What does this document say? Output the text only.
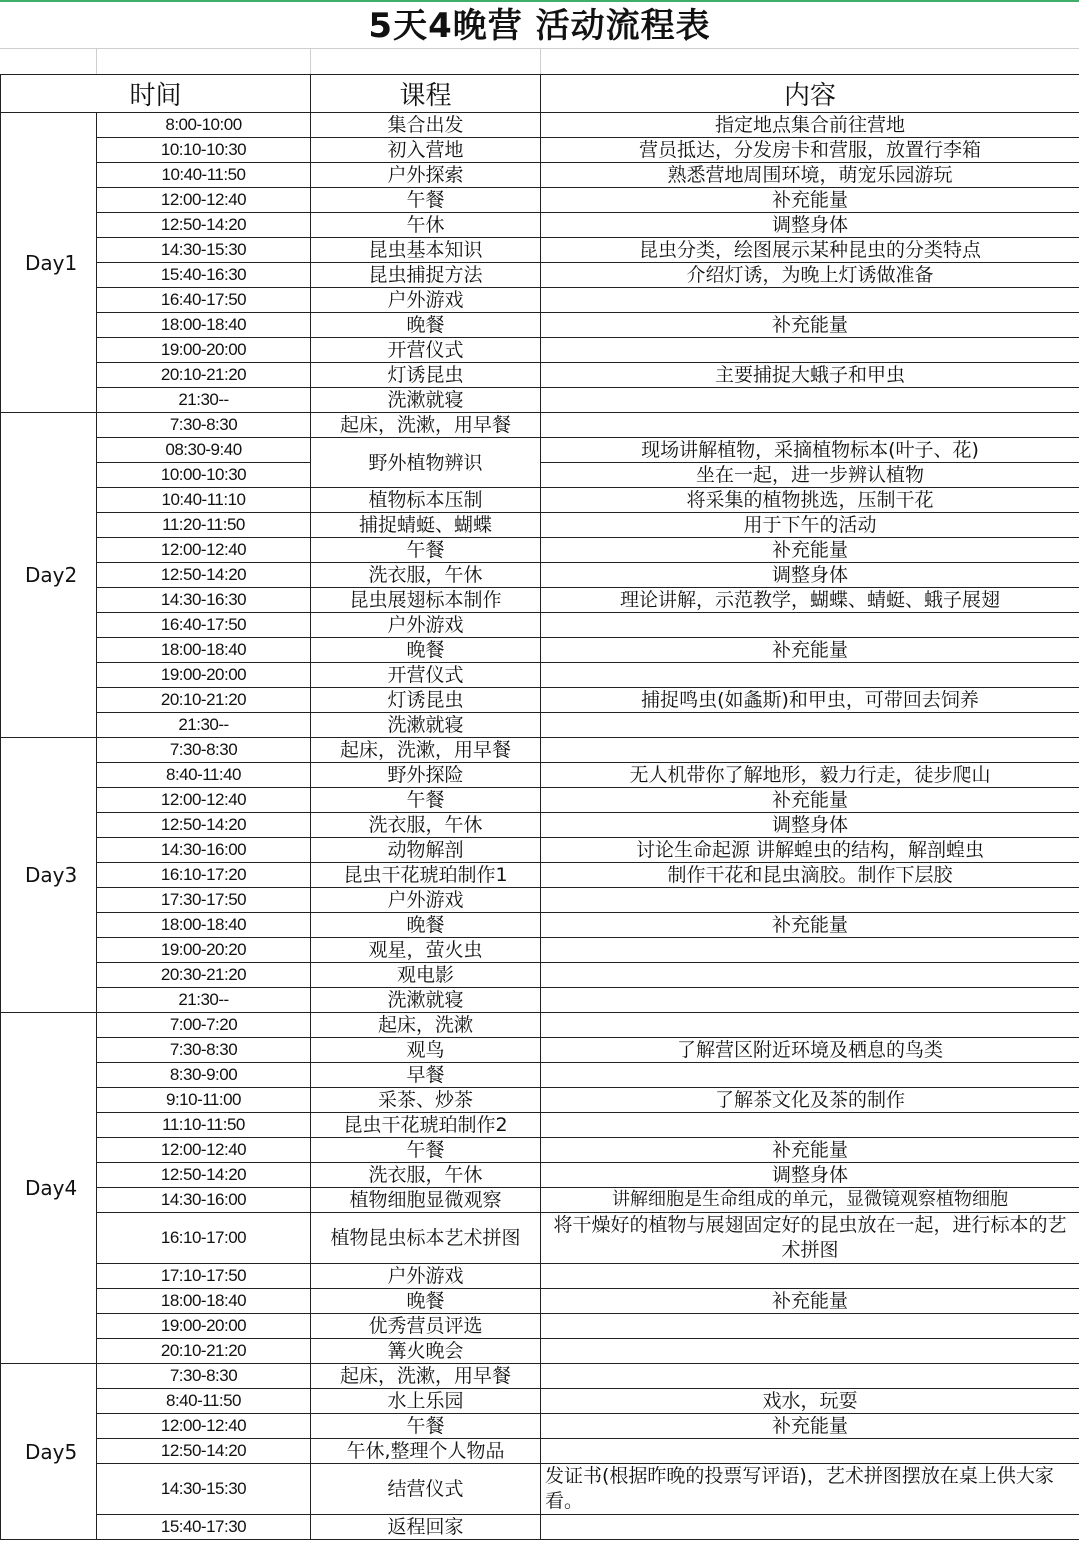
5天4晚营 活动流程表
时间		课程	内容
Day1	8:00-10:00	集合出发	指定地点集合前往营地
	10:10-10:30	初入营地	营员抵达，分发房卡和营服，放置行李箱
	10:40-11:50	户外探索	熟悉营地周围环境，萌宠乐园游玩
	12:00-12:40	午餐	补充能量
	12:50-14:20	午休	调整身体
	14:30-15:30	昆虫基本知识	昆虫分类，绘图展示某种昆虫的分类特点
	15:40-16:30	昆虫捕捉方法	介绍灯诱，为晚上灯诱做准备
	16:40-17:50	户外游戏	
	18:00-18:40	晚餐	补充能量
	19:00-20:00	开营仪式	
	20:10-21:20	灯诱昆虫	主要捕捉大蛾子和甲虫
	21:30--	洗漱就寝	
Day2	7:30-8:30	起床，洗漱，用早餐	
	08:30-9:40	野外植物辨识	现场讲解植物，采摘植物标本(叶子、花)
	10:00-10:30		坐在一起，进一步辨认植物
	10:40-11:10	植物标本压制	将采集的植物挑选，压制干花
	11:20-11:50	捕捉蜻蜓、蝴蝶	用于下午的活动
	12:00-12:40	午餐	补充能量
	12:50-14:20	洗衣服，午休	调整身体
	14:30-16:30	昆虫展翅标本制作	理论讲解，示范教学，蝴蝶、蜻蜓、蛾子展翅
	16:40-17:50	户外游戏	
	18:00-18:40	晚餐	补充能量
	19:00-20:00	开营仪式	
	20:10-21:20	灯诱昆虫	捕捉鸣虫(如螽斯)和甲虫，可带回去饲养
	21:30--	洗漱就寝	
Day3	7:30-8:30	起床，洗漱，用早餐	
	8:40-11:40	野外探险	无人机带你了解地形，毅力行走，徒步爬山
	12:00-12:40	午餐	补充能量
	12:50-14:20	洗衣服，午休	调整身体
	14:30-16:00	动物解剖	讨论生命起源 讲解蝗虫的结构，解剖蝗虫
	16:10-17:20	昆虫干花琥珀制作1	制作干花和昆虫滴胶。制作下层胶
	17:30-17:50	户外游戏	
	18:00-18:40	晚餐	补充能量
	19:00-20:20	观星，萤火虫	
	20:30-21:20	观电影	
	21:30--	洗漱就寝	
Day4	7:00-7:20	起床，洗漱	
	7:30-8:30	观鸟	了解营区附近环境及栖息的鸟类
	8:30-9:00	早餐	
	9:10-11:00	采茶、炒茶	了解茶文化及茶的制作
	11:10-11:50	昆虫干花琥珀制作2	
	12:00-12:40	午餐	补充能量
	12:50-14:20	洗衣服，午休	调整身体
	14:30-16:00	植物细胞显微观察	讲解细胞是生命组成的单元，显微镜观察植物细胞
	16:10-17:00	植物昆虫标本艺术拼图	将干燥好的植物与展翅固定好的昆虫放在一起，进行标本的艺术拼图
	17:10-17:50	户外游戏	
	18:00-18:40	晚餐	补充能量
	19:00-20:00	优秀营员评选	
	20:10-21:20	篝火晚会	
Day5	7:30-8:30	起床，洗漱，用早餐	
	8:40-11:50	水上乐园	戏水，玩耍
	12:00-12:40	午餐	补充能量
	12:50-14:20	午休,整理个人物品	
	14:30-15:30	结营仪式	发证书(根据昨晚的投票写评语)，艺术拼图摆放在桌上供大家看。
	15:40-17:30	返程回家	
